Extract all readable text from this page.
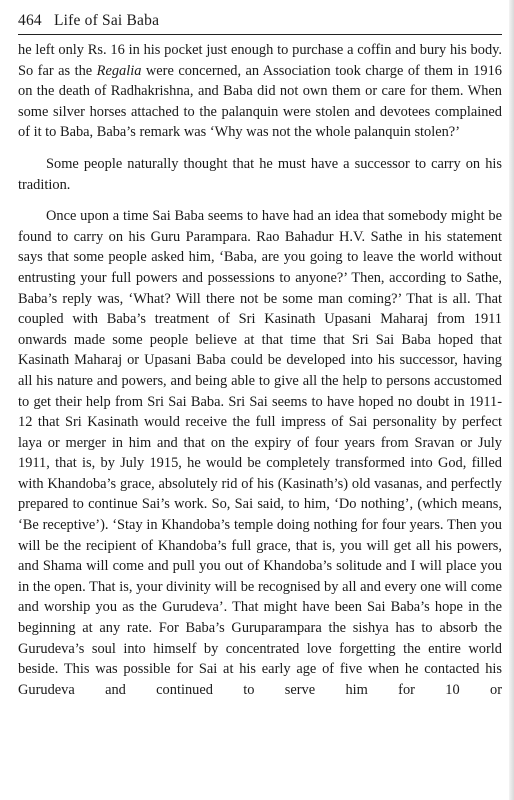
464 Life of Sai Baba

he left only Rs. 16 in his pocket just enough to purchase a coffin and bury his body. So far as the Regalia were concerned, an Association took charge of them in 1916 on the death of Radhakrishna, and Baba did not own them or care for them. When some silver horses attached to the palanquin were stolen and devotees complained of it to Baba, Baba’s remark was ‘Why was not the whole palanquin stolen?’

Some people naturally thought that he must have a successor to carry on his tradition.

Once upon a time Sai Baba seems to have had an idea that somebody might be found to carry on his Guru Parampara. Rao Bahadur H.V. Sathe in his statement says that some people asked him, ‘Baba, are you going to leave the world without entrusting your full powers and possessions to anyone?’ Then, according to Sathe, Baba’s reply was, ‘What? Will there not be some man coming?’ That is all. That coupled with Baba’s treatment of Sri Kasinath Upasani Maharaj from 1911 onwards made some people believe at that time that Sri Sai Baba hoped that Kasinath Maharaj or Upasani Baba could be developed into his successor, having all his nature and powers, and being able to give all the help to persons accustomed to get their help from Sri Sai Baba. Sri Sai seems to have hoped no doubt in 1911-12 that Sri Kasinath would receive the full impress of Sai personality by perfect laya or merger in him and that on the expiry of four years from Sravan or July 1911, that is, by July 1915, he would be completely transformed into God, filled with Khandoba’s grace, absolutely rid of his (Kasinath’s) old vasanas, and perfectly prepared to continue Sai’s work. So, Sai said, to him, ‘Do nothing’, (which means, ‘Be receptive’). ‘Stay in Khandoba’s temple doing nothing for four years. Then you will be the recipient of Khandoba’s full grace, that is, you will get all his powers, and Shama will come and pull you out of Khandoba’s solitude and I will place you in the open. That is, your divinity will be recognised by all and every one will come and worship you as the Gurudeva’. That might have been Sai Baba’s hope in the beginning at any rate. For Baba’s Guruparampara the sishya has to absorb the Gurudeva’s soul into himself by concentrated love forgetting the entire world beside. This was possible for Sai at his early age of five when he contacted his Gurudeva and continued to serve him for 10 or
